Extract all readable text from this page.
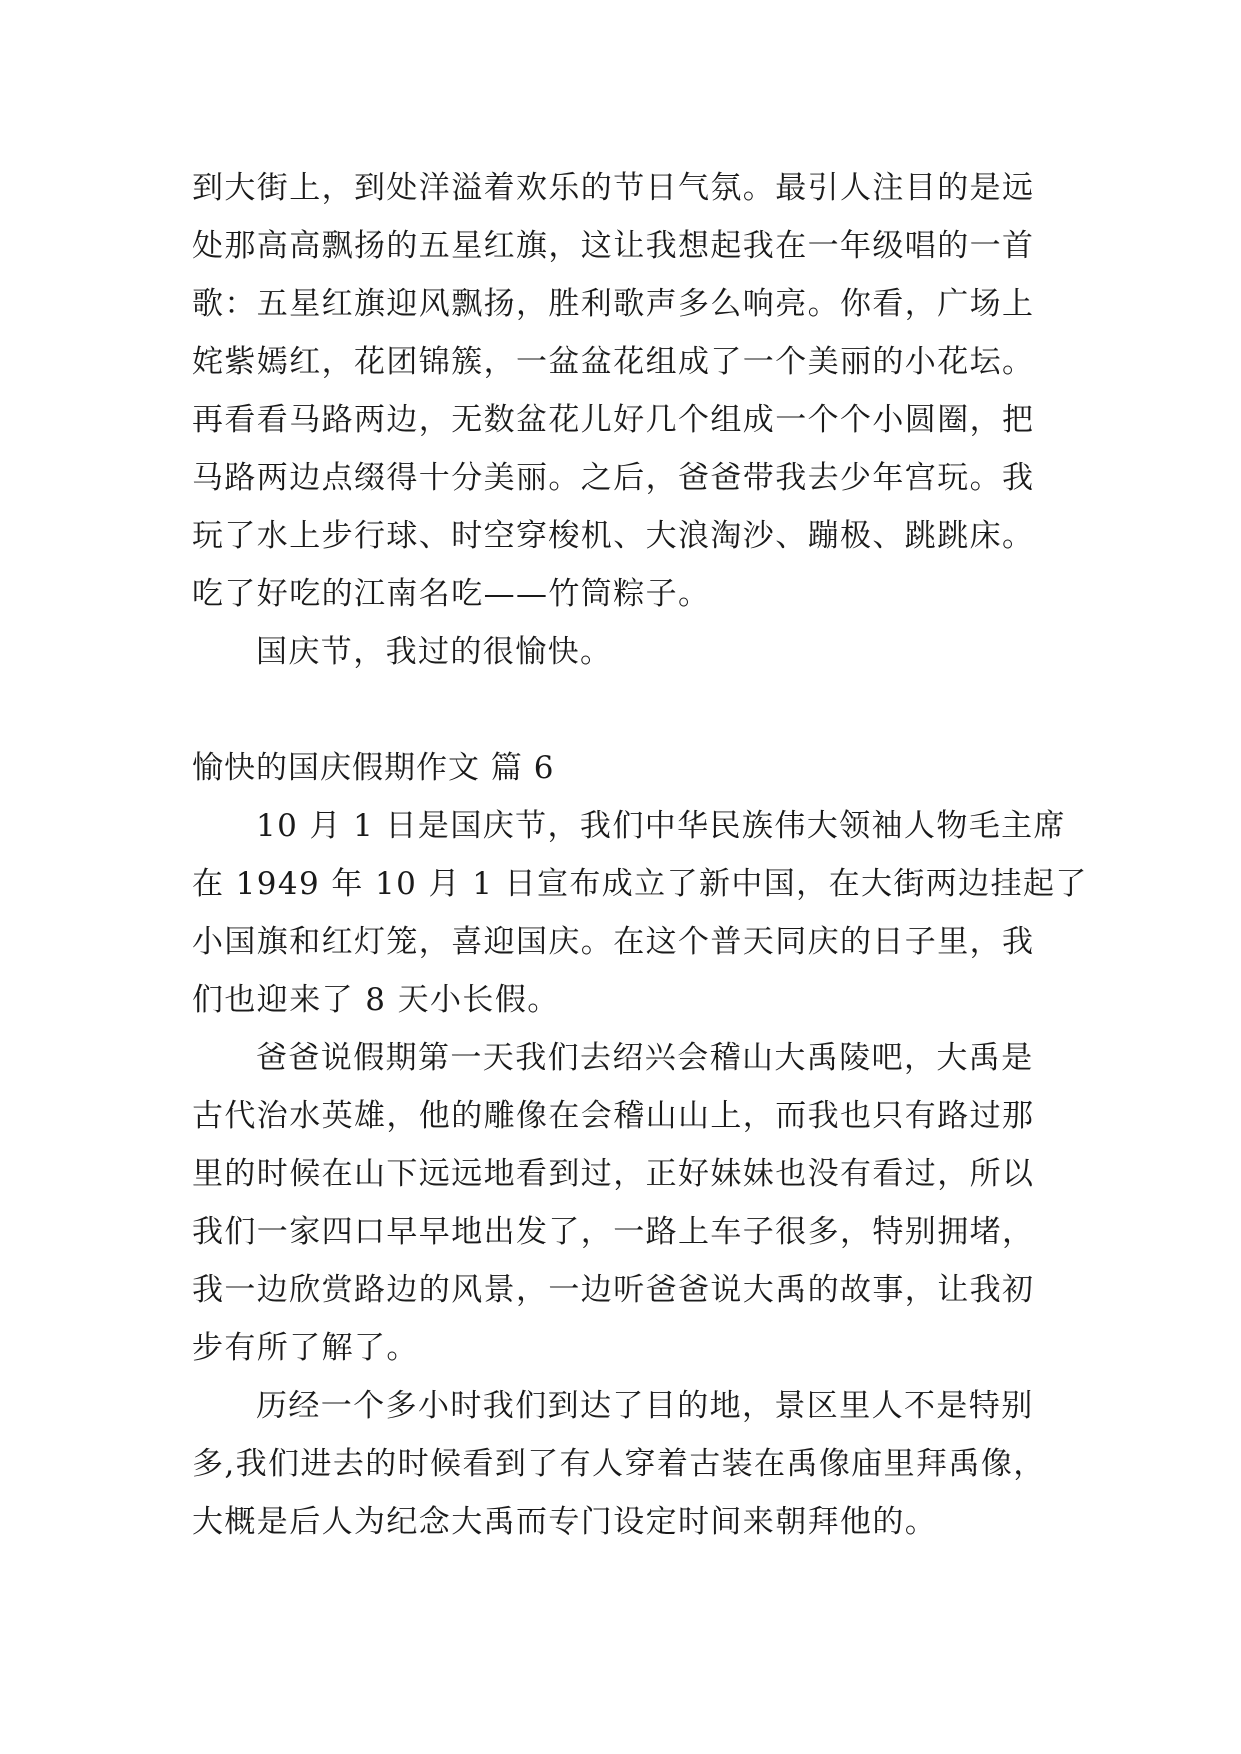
到大街上，到处洋溢着欢乐的节日气氛。最引人注目的是远
处那高高飘扬的五星红旗，这让我想起我在一年级唱的一首
歌：五星红旗迎风飘扬，胜利歌声多么响亮。你看，广场上
姹紫嫣红，花团锦簇，一盆盆花组成了一个美丽的小花坛。
再看看马路两边，无数盆花儿好几个组成一个个小圆圈，把
马路两边点缀得十分美丽。之后，爸爸带我去少年宫玩。我
玩了水上步行球、时空穿梭机、大浪淘沙、蹦极、跳跳床。
吃了好吃的江南名吃——竹筒粽子。
国庆节，我过的很愉快。
愉快的国庆假期作文 篇 6
10 月 1 日是国庆节，我们中华民族伟大领袖人物毛主席
在 1949 年 10 月 1 日宣布成立了新中国，在大街两边挂起了
小国旗和红灯笼，喜迎国庆。在这个普天同庆的日子里，我
们也迎来了 8 天小长假。
爸爸说假期第一天我们去绍兴会稽山大禹陵吧，大禹是
古代治水英雄，他的雕像在会稽山山上，而我也只有路过那
里的时候在山下远远地看到过，正好妹妹也没有看过，所以
我们一家四口早早地出发了，一路上车子很多，特别拥堵，
我一边欣赏路边的风景，一边听爸爸说大禹的故事，让我初
步有所了解了。
历经一个多小时我们到达了目的地，景区里人不是特别
多,我们进去的时候看到了有人穿着古装在禹像庙里拜禹像，
大概是后人为纪念大禹而专门设定时间来朝拜他的。
